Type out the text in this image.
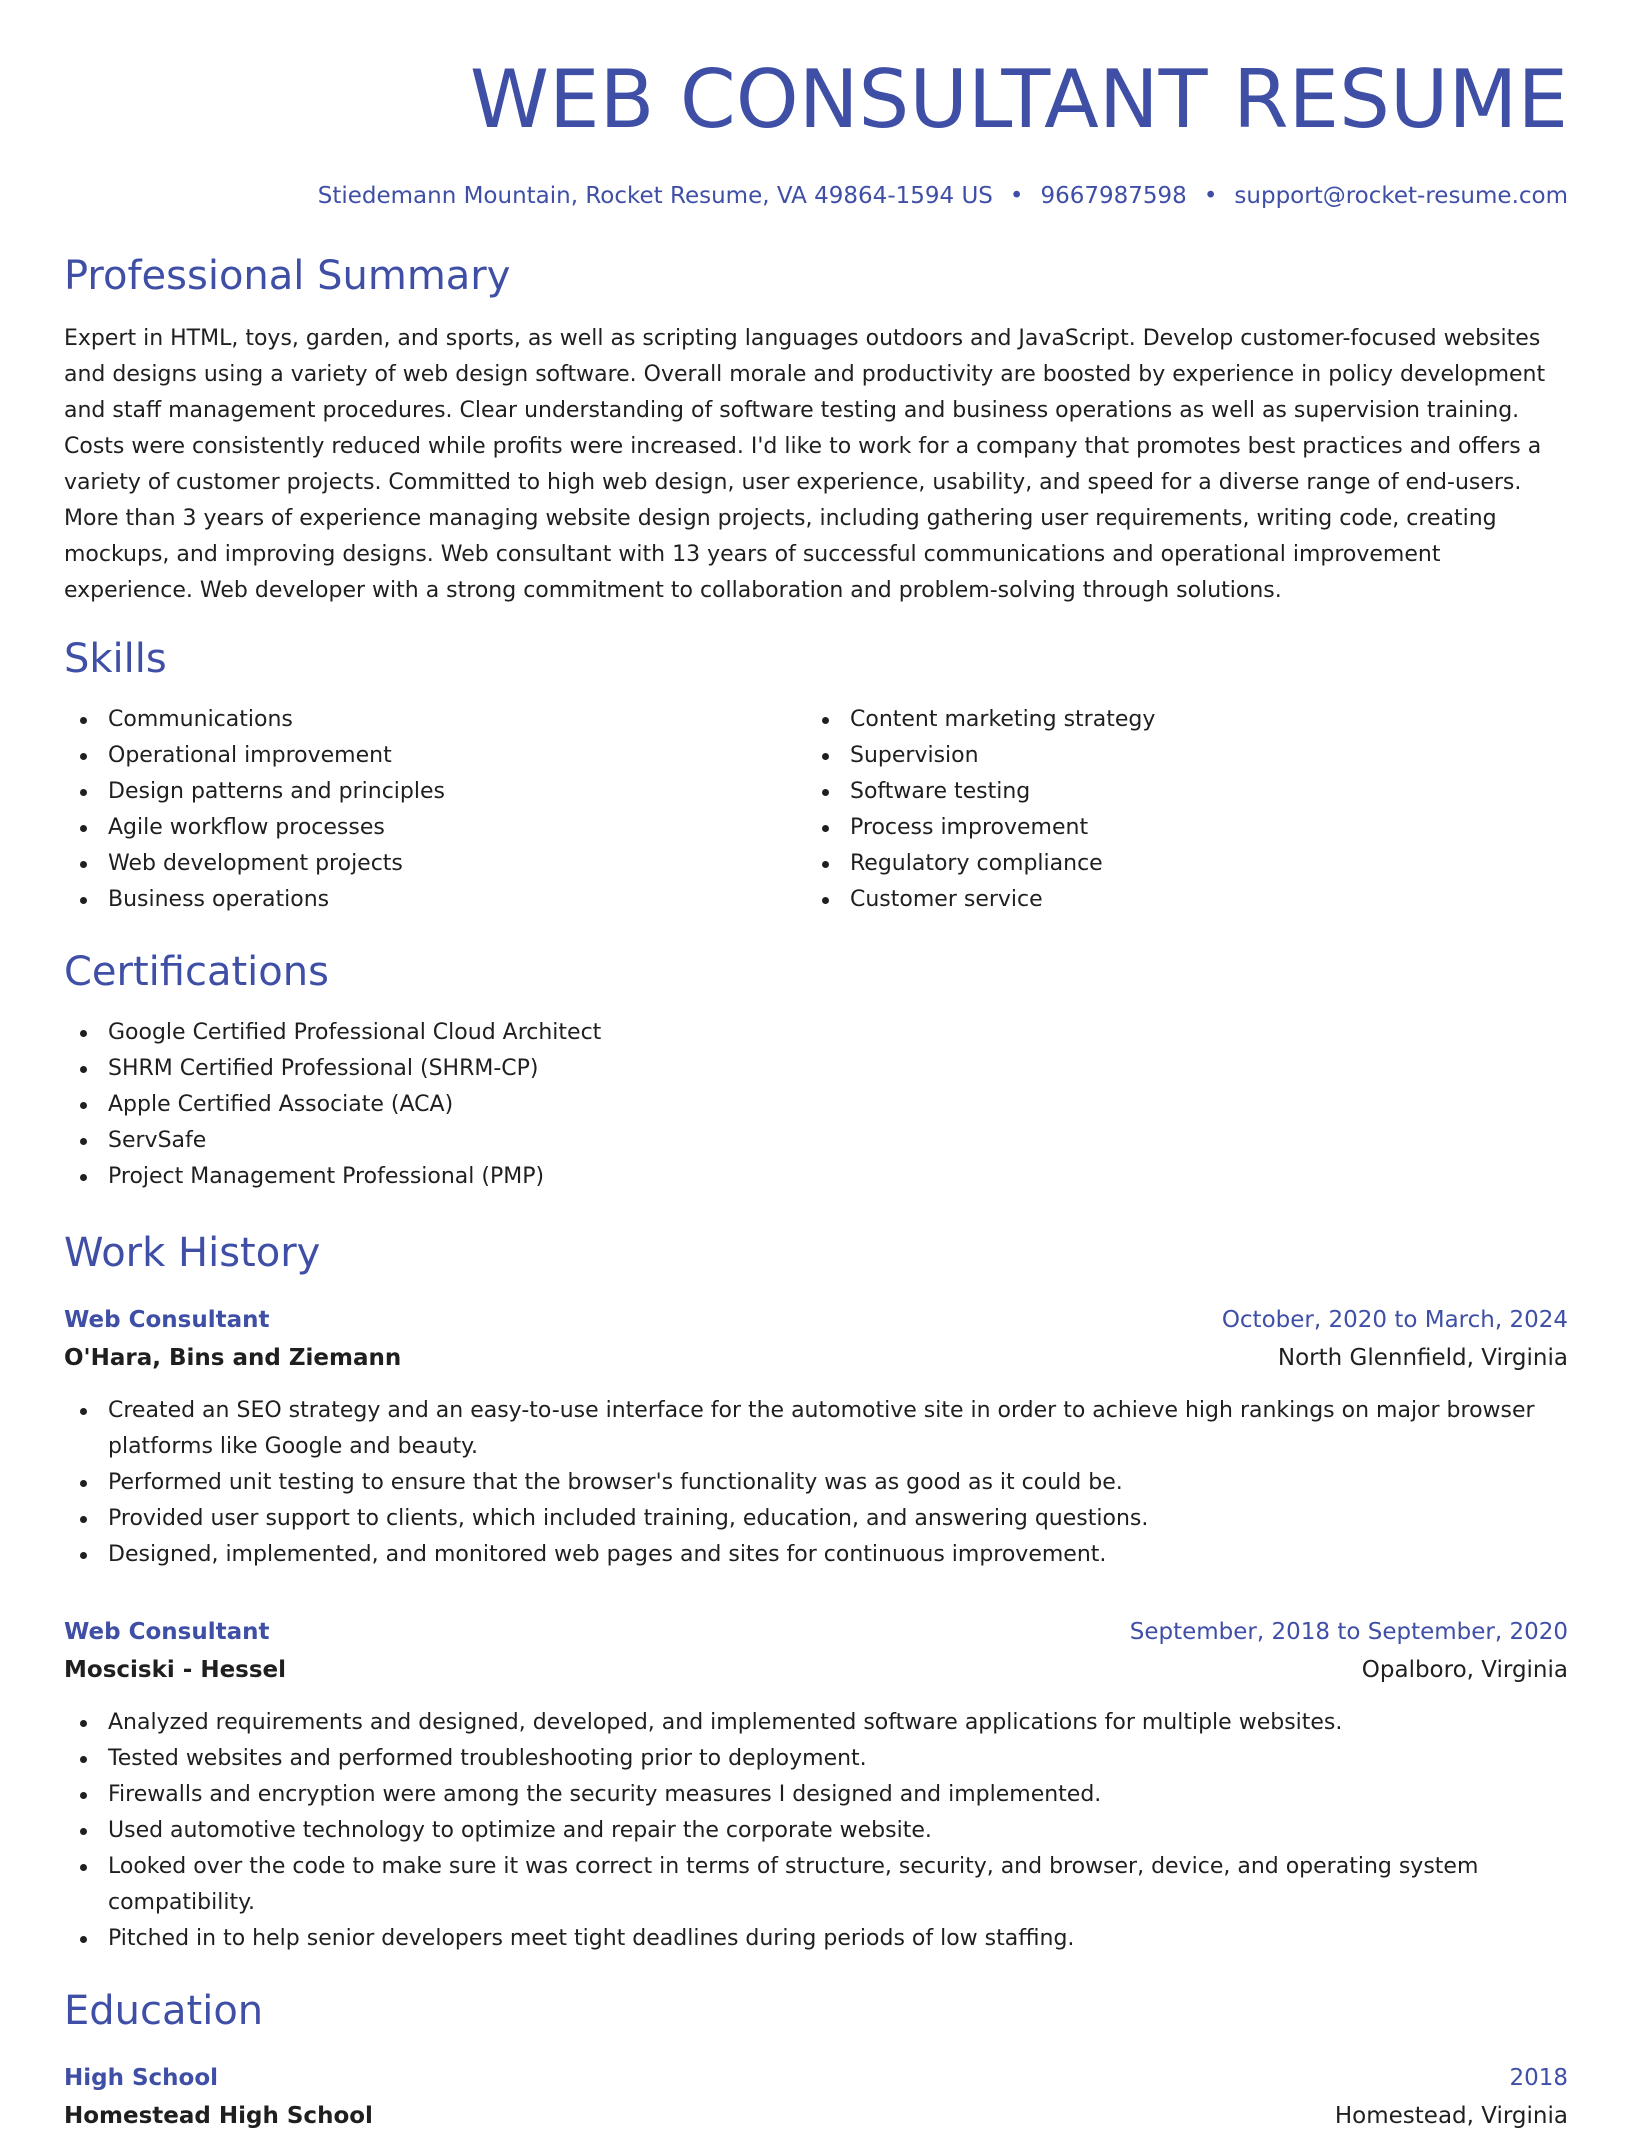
WEB CONSULTANT RESUME
Stiedemann Mountain, Rocket Resume, VA 49864-1594 US • 9667987598 • support@rocket-resume.com
Professional Summary

Expert in HTML, toys, garden, and sports, as well as scripting languages outdoors and JavaScript. Develop customer-focused websites and designs using a variety of web design software. Overall morale and productivity are boosted by experience in policy development and staff management procedures. Clear understanding of software testing and business operations as well as supervision training. Costs were consistently reduced while profits were increased. I'd like to work for a company that promotes best practices and offers a variety of customer projects. Committed to high web design, user experience, usability, and speed for a diverse range of end-users. More than 3 years of experience managing website design projects, including gathering user requirements, writing code, creating mockups, and improving designs. Web consultant with 13 years of successful communications and operational improvement experience. Web developer with a strong commitment to collaboration and problem-solving through solutions.

Skills
Communications
Operational improvement
Design patterns and principles
Agile workflow processes
Web development projects
Business operations
Content marketing strategy
Supervision
Software testing
Process improvement
Regulatory compliance
Customer service
Certifications
Google Certified Professional Cloud Architect
SHRM Certified Professional (SHRM-CP)
Apple Certified Associate (ACA)
ServSafe
Project Management Professional (PMP)
Work History
Web Consultant	October, 2020 to March, 2024
O'Hara, Bins and Ziemann	North Glennfield, Virginia
Created an SEO strategy and an easy-to-use interface for the automotive site in order to achieve high rankings on major browser platforms like Google and beauty.
Performed unit testing to ensure that the browser's functionality was as good as it could be.
Provided user support to clients, which included training, education, and answering questions.
Designed, implemented, and monitored web pages and sites for continuous improvement.
Web Consultant	September, 2018 to September, 2020
Mosciski - Hessel	Opalboro, Virginia
Analyzed requirements and designed, developed, and implemented software applications for multiple websites.
Tested websites and performed troubleshooting prior to deployment.
Firewalls and encryption were among the security measures I designed and implemented.
Used automotive technology to optimize and repair the corporate website.
Looked over the code to make sure it was correct in terms of structure, security, and browser, device, and operating system compatibility.
Pitched in to help senior developers meet tight deadlines during periods of low staffing.
Education
High School	2018
Homestead High School	Homestead, Virginia
